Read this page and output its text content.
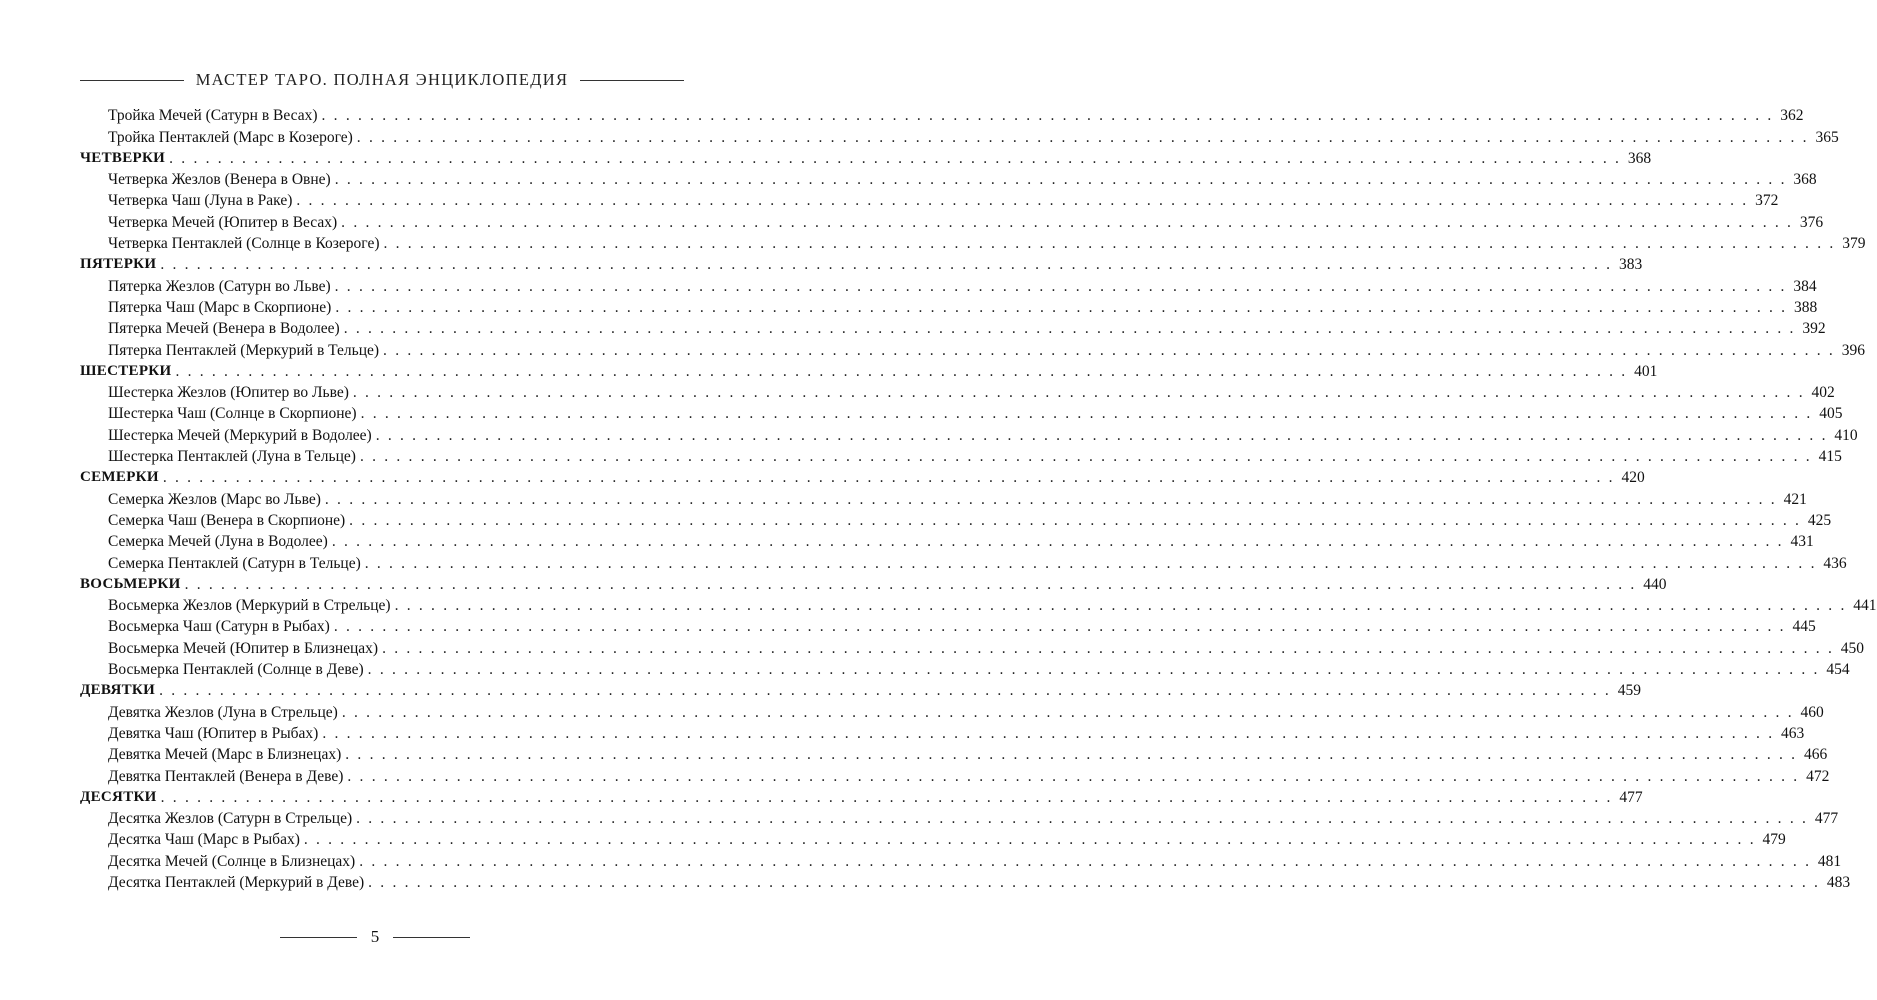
МАСТЕР ТАРО. ПОЛНАЯ ЭНЦИКЛОПЕДИЯ
Тройка Мечей (Сатурн в Весах) . . . . . . . . . . . . . . . . . . . . . . . . . . . . . . . . . . . . . . . . . . . . . . . . . . . . . . . . . . . . . . . . . . . . . . . . . . . . . . . . . . . . . . . . . . . . . . . . . . . . . . . . . . . . . . . . . . . . . . . . 362
Тройка Пентаклей (Марс в Козероге) . . . . . . . . . . . . . . . . . . . . . . . . . . . . . . . . . . . . . . . . . . . . . . . . . . . . . . . . . . . . . . . . . . . . . . . . . . . . . . . . . . . . . . . . . . . . . . . . . . . . . . . . . . . . . . . . . . . . . . . . 365
ЧЕТВЕРКИ . . . . . . . . . . . . . . . . . . . . . . . . . . . . . . . . . . . . . . . . . . . . . . . . . . . . . . . . . . . . . . . . . . . . . . . . . . . . . . . . . . . . . . . . . . . . . . . . . . . . . . . . . . . . . . . . . . . . . . . . 368
Четверка Жезлов (Венера в Овне) . . . . . . . . . . . . . . . . . . . . . . . . . . . . . . . . . . . . . . . . . . . . . . . . . . . . . . . . . . . . . . . . . . . . . . . . . . . . . . . . . . . . . . . . . . . . . . . . . . . . . . . . . . . . . . . . . . . . . . . . 368
Четверка Чаш (Луна в Раке) . . . . . . . . . . . . . . . . . . . . . . . . . . . . . . . . . . . . . . . . . . . . . . . . . . . . . . . . . . . . . . . . . . . . . . . . . . . . . . . . . . . . . . . . . . . . . . . . . . . . . . . . . . . . . . . . . . . . . . . . 372
Четверка Мечей (Юпитер в Весах) . . . . . . . . . . . . . . . . . . . . . . . . . . . . . . . . . . . . . . . . . . . . . . . . . . . . . . . . . . . . . . . . . . . . . . . . . . . . . . . . . . . . . . . . . . . . . . . . . . . . . . . . . . . . . . . . . . . . . . . . 376
Четверка Пентаклей (Солнце в Козероге) . . . . . . . . . . . . . . . . . . . . . . . . . . . . . . . . . . . . . . . . . . . . . . . . . . . . . . . . . . . . . . . . . . . . . . . . . . . . . . . . . . . . . . . . . . . . . . . . . . . . . . . . . . . . . . . . . . . . . . . . 379
ПЯТЕРКИ . . . . . . . . . . . . . . . . . . . . . . . . . . . . . . . . . . . . . . . . . . . . . . . . . . . . . . . . . . . . . . . . . . . . . . . . . . . . . . . . . . . . . . . . . . . . . . . . . . . . . . . . . . . . . . . . . . . . . . . . 383
Пятерка Жезлов (Сатурн во Льве) . . . . . . . . . . . . . . . . . . . . . . . . . . . . . . . . . . . . . . . . . . . . . . . . . . . . . . . . . . . . . . . . . . . . . . . . . . . . . . . . . . . . . . . . . . . . . . . . . . . . . . . . . . . . . . . . . . . . . . . . 384
Пятерка Чаш (Марс в Скорпионе) . . . . . . . . . . . . . . . . . . . . . . . . . . . . . . . . . . . . . . . . . . . . . . . . . . . . . . . . . . . . . . . . . . . . . . . . . . . . . . . . . . . . . . . . . . . . . . . . . . . . . . . . . . . . . . . . . . . . . . . . 388
Пятерка Мечей (Венера в Водолее) . . . . . . . . . . . . . . . . . . . . . . . . . . . . . . . . . . . . . . . . . . . . . . . . . . . . . . . . . . . . . . . . . . . . . . . . . . . . . . . . . . . . . . . . . . . . . . . . . . . . . . . . . . . . . . . . . . . . . . . . 392
Пятерка Пентаклей (Меркурий в Тельце) . . . . . . . . . . . . . . . . . . . . . . . . . . . . . . . . . . . . . . . . . . . . . . . . . . . . . . . . . . . . . . . . . . . . . . . . . . . . . . . . . . . . . . . . . . . . . . . . . . . . . . . . . . . . . . . . . . . . . . . . 396
ШЕСТЕРКИ . . . . . . . . . . . . . . . . . . . . . . . . . . . . . . . . . . . . . . . . . . . . . . . . . . . . . . . . . . . . . . . . . . . . . . . . . . . . . . . . . . . . . . . . . . . . . . . . . . . . . . . . . . . . . . . . . . . . . . . . 401
Шестерка Жезлов (Юпитер во Льве) . . . . . . . . . . . . . . . . . . . . . . . . . . . . . . . . . . . . . . . . . . . . . . . . . . . . . . . . . . . . . . . . . . . . . . . . . . . . . . . . . . . . . . . . . . . . . . . . . . . . . . . . . . . . . . . . . . . . . . . . 402
Шестерка Чаш (Солнце в Скорпионе) . . . . . . . . . . . . . . . . . . . . . . . . . . . . . . . . . . . . . . . . . . . . . . . . . . . . . . . . . . . . . . . . . . . . . . . . . . . . . . . . . . . . . . . . . . . . . . . . . . . . . . . . . . . . . . . . . . . . . . . . 405
Шестерка Мечей (Меркурий в Водолее) . . . . . . . . . . . . . . . . . . . . . . . . . . . . . . . . . . . . . . . . . . . . . . . . . . . . . . . . . . . . . . . . . . . . . . . . . . . . . . . . . . . . . . . . . . . . . . . . . . . . . . . . . . . . . . . . . . . . . . . . 410
Шестерка Пентаклей (Луна в Тельце) . . . . . . . . . . . . . . . . . . . . . . . . . . . . . . . . . . . . . . . . . . . . . . . . . . . . . . . . . . . . . . . . . . . . . . . . . . . . . . . . . . . . . . . . . . . . . . . . . . . . . . . . . . . . . . . . . . . . . . . . 415
СЕМЕРКИ . . . . . . . . . . . . . . . . . . . . . . . . . . . . . . . . . . . . . . . . . . . . . . . . . . . . . . . . . . . . . . . . . . . . . . . . . . . . . . . . . . . . . . . . . . . . . . . . . . . . . . . . . . . . . . . . . . . . . . . . 420
Семерка Жезлов (Марс во Льве) . . . . . . . . . . . . . . . . . . . . . . . . . . . . . . . . . . . . . . . . . . . . . . . . . . . . . . . . . . . . . . . . . . . . . . . . . . . . . . . . . . . . . . . . . . . . . . . . . . . . . . . . . . . . . . . . . . . . . . . . 421
Семерка Чаш (Венера в Скорпионе) . . . . . . . . . . . . . . . . . . . . . . . . . . . . . . . . . . . . . . . . . . . . . . . . . . . . . . . . . . . . . . . . . . . . . . . . . . . . . . . . . . . . . . . . . . . . . . . . . . . . . . . . . . . . . . . . . . . . . . . . 425
Семерка Мечей (Луна в Водолее) . . . . . . . . . . . . . . . . . . . . . . . . . . . . . . . . . . . . . . . . . . . . . . . . . . . . . . . . . . . . . . . . . . . . . . . . . . . . . . . . . . . . . . . . . . . . . . . . . . . . . . . . . . . . . . . . . . . . . . . . 431
Семерка Пентаклей (Сатурн в Тельце) . . . . . . . . . . . . . . . . . . . . . . . . . . . . . . . . . . . . . . . . . . . . . . . . . . . . . . . . . . . . . . . . . . . . . . . . . . . . . . . . . . . . . . . . . . . . . . . . . . . . . . . . . . . . . . . . . . . . . . . . 436
ВОСЬМЕРКИ . . . . . . . . . . . . . . . . . . . . . . . . . . . . . . . . . . . . . . . . . . . . . . . . . . . . . . . . . . . . . . . . . . . . . . . . . . . . . . . . . . . . . . . . . . . . . . . . . . . . . . . . . . . . . . . . . . . . . . . . 440
Восьмерка Жезлов (Меркурий в Стрельце) . . . . . . . . . . . . . . . . . . . . . . . . . . . . . . . . . . . . . . . . . . . . . . . . . . . . . . . . . . . . . . . . . . . . . . . . . . . . . . . . . . . . . . . . . . . . . . . . . . . . . . . . . . . . . . . . . . . . . . . . 441
Восьмерка Чаш (Сатурн в Рыбах) . . . . . . . . . . . . . . . . . . . . . . . . . . . . . . . . . . . . . . . . . . . . . . . . . . . . . . . . . . . . . . . . . . . . . . . . . . . . . . . . . . . . . . . . . . . . . . . . . . . . . . . . . . . . . . . . . . . . . . . . 445
Восьмерка Мечей (Юпитер в Близнецах) . . . . . . . . . . . . . . . . . . . . . . . . . . . . . . . . . . . . . . . . . . . . . . . . . . . . . . . . . . . . . . . . . . . . . . . . . . . . . . . . . . . . . . . . . . . . . . . . . . . . . . . . . . . . . . . . . . . . . . . . 450
Восьмерка Пентаклей (Солнце в Деве) . . . . . . . . . . . . . . . . . . . . . . . . . . . . . . . . . . . . . . . . . . . . . . . . . . . . . . . . . . . . . . . . . . . . . . . . . . . . . . . . . . . . . . . . . . . . . . . . . . . . . . . . . . . . . . . . . . . . . . . . 454
ДЕВЯТКИ . . . . . . . . . . . . . . . . . . . . . . . . . . . . . . . . . . . . . . . . . . . . . . . . . . . . . . . . . . . . . . . . . . . . . . . . . . . . . . . . . . . . . . . . . . . . . . . . . . . . . . . . . . . . . . . . . . . . . . . . 459
Девятка Жезлов (Луна в Стрельце) . . . . . . . . . . . . . . . . . . . . . . . . . . . . . . . . . . . . . . . . . . . . . . . . . . . . . . . . . . . . . . . . . . . . . . . . . . . . . . . . . . . . . . . . . . . . . . . . . . . . . . . . . . . . . . . . . . . . . . . . 460
Девятка Чаш (Юпитер в Рыбах) . . . . . . . . . . . . . . . . . . . . . . . . . . . . . . . . . . . . . . . . . . . . . . . . . . . . . . . . . . . . . . . . . . . . . . . . . . . . . . . . . . . . . . . . . . . . . . . . . . . . . . . . . . . . . . . . . . . . . . . . 463
Девятка Мечей (Марс в Близнецах) . . . . . . . . . . . . . . . . . . . . . . . . . . . . . . . . . . . . . . . . . . . . . . . . . . . . . . . . . . . . . . . . . . . . . . . . . . . . . . . . . . . . . . . . . . . . . . . . . . . . . . . . . . . . . . . . . . . . . . . . 466
Девятка Пентаклей (Венера в Деве) . . . . . . . . . . . . . . . . . . . . . . . . . . . . . . . . . . . . . . . . . . . . . . . . . . . . . . . . . . . . . . . . . . . . . . . . . . . . . . . . . . . . . . . . . . . . . . . . . . . . . . . . . . . . . . . . . . . . . . . . 472
ДЕСЯТКИ . . . . . . . . . . . . . . . . . . . . . . . . . . . . . . . . . . . . . . . . . . . . . . . . . . . . . . . . . . . . . . . . . . . . . . . . . . . . . . . . . . . . . . . . . . . . . . . . . . . . . . . . . . . . . . . . . . . . . . . . 477
Десятка Жезлов (Сатурн в Стрельце) . . . . . . . . . . . . . . . . . . . . . . . . . . . . . . . . . . . . . . . . . . . . . . . . . . . . . . . . . . . . . . . . . . . . . . . . . . . . . . . . . . . . . . . . . . . . . . . . . . . . . . . . . . . . . . . . . . . . . . . . 477
Десятка Чаш (Марс в Рыбах) . . . . . . . . . . . . . . . . . . . . . . . . . . . . . . . . . . . . . . . . . . . . . . . . . . . . . . . . . . . . . . . . . . . . . . . . . . . . . . . . . . . . . . . . . . . . . . . . . . . . . . . . . . . . . . . . . . . . . . . . 479
Десятка Мечей (Солнце в Близнецах) . . . . . . . . . . . . . . . . . . . . . . . . . . . . . . . . . . . . . . . . . . . . . . . . . . . . . . . . . . . . . . . . . . . . . . . . . . . . . . . . . . . . . . . . . . . . . . . . . . . . . . . . . . . . . . . . . . . . . . . . 481
Десятка Пентаклей (Меркурий в Деве) . . . . . . . . . . . . . . . . . . . . . . . . . . . . . . . . . . . . . . . . . . . . . . . . . . . . . . . . . . . . . . . . . . . . . . . . . . . . . . . . . . . . . . . . . . . . . . . . . . . . . . . . . . . . . . . . . . . . . . . . 483
5
